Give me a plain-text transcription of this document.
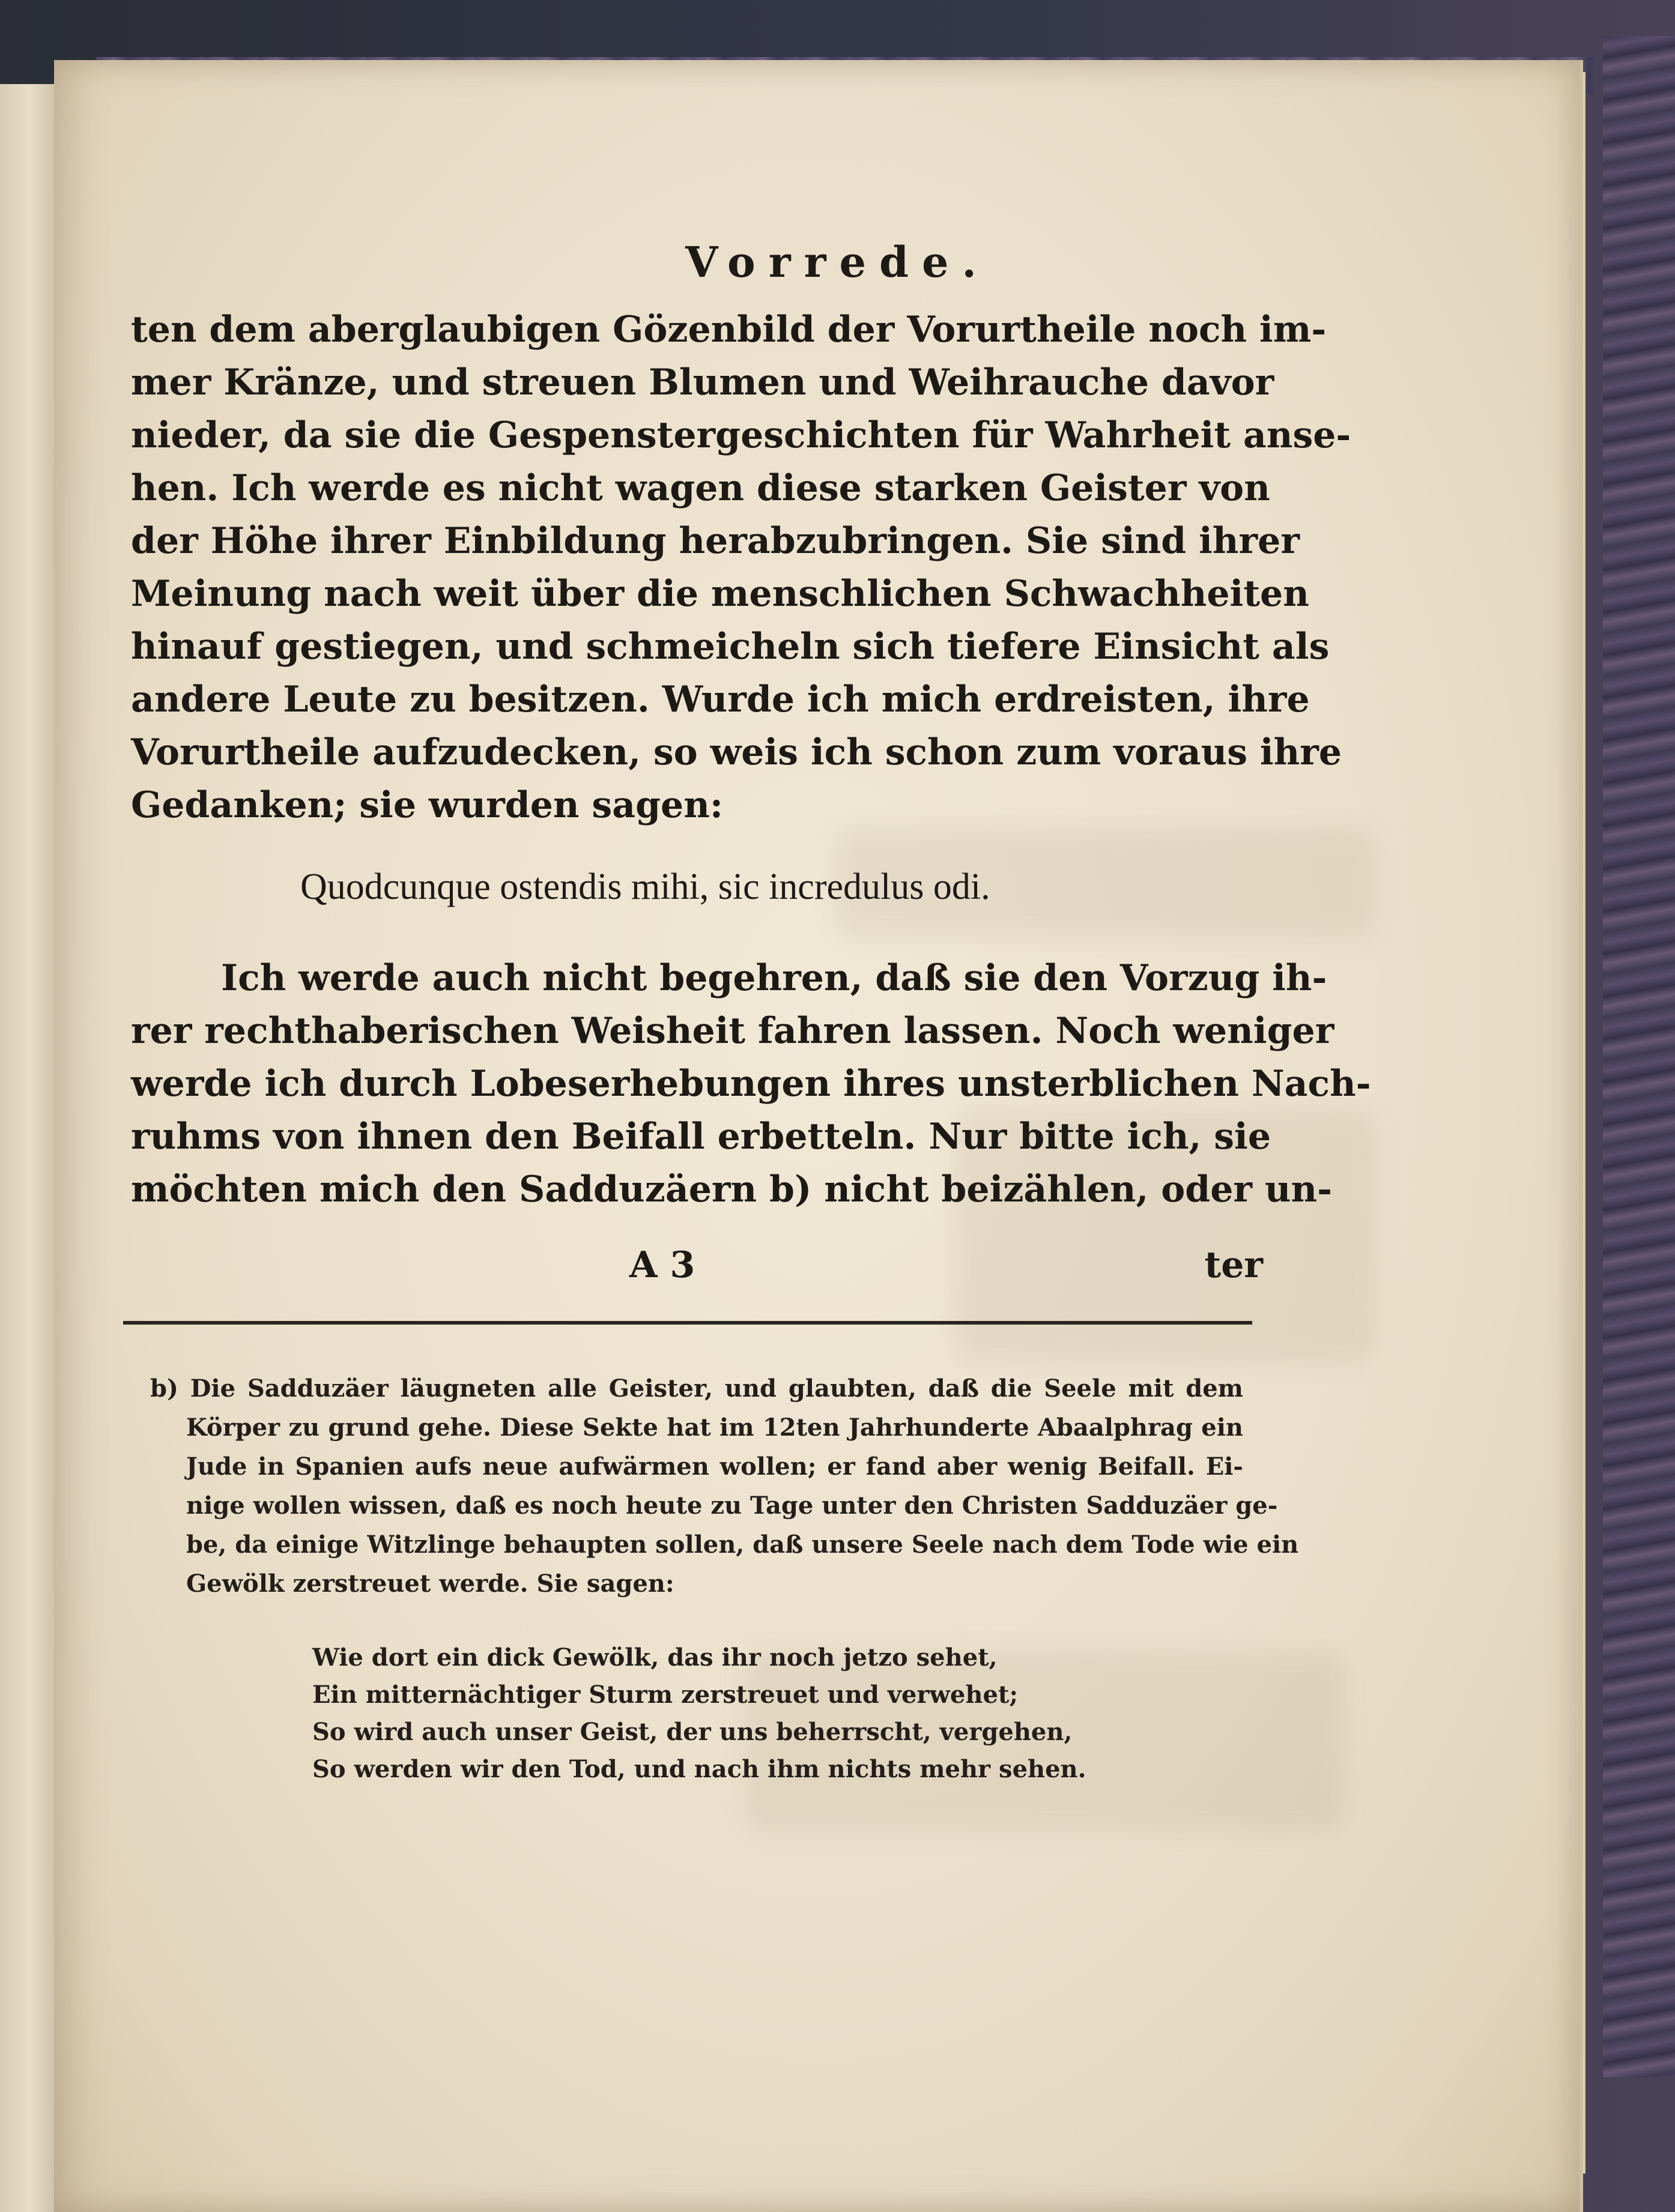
Vorrede.
ten dem aberglaubigen Gözenbild der Vorurtheile noch im-
mer Kränze, und streuen Blumen und Weihrauche davor
nieder, da sie die Gespenstergeschichten für Wahrheit anse-
hen. Ich werde es nicht wagen diese starken Geister von
der Höhe ihrer Einbildung herabzubringen. Sie sind ihrer
Meinung nach weit über die menschlichen Schwachheiten
hinauf gestiegen, und schmeicheln sich tiefere Einsicht als
andere Leute zu besitzen. Wurde ich mich erdreisten, ihre
Vorurtheile aufzudecken, so weis ich schon zum voraus ihre
Gedanken; sie wurden sagen:
Quodcunque ostendis mihi, sic incredulus odi.
Ich werde auch nicht begehren, daß sie den Vorzug ih-
rer rechthaberischen Weisheit fahren lassen. Noch weniger
werde ich durch Lobeserhebungen ihres unsterblichen Nach-
ruhms von ihnen den Beifall erbetteln. Nur bitte ich, sie
möchten mich den Sadduzäern b) nicht beizählen, oder un-
A 3	ter
b) Die Sadduzäer läugneten alle Geister, und glaubten, daß die Seele mit dem
Körper zu grund gehe. Diese Sekte hat im 12ten Jahrhunderte Abaalphrag ein
Jude in Spanien aufs neue aufwärmen wollen; er fand aber wenig Beifall. Ei-
nige wollen wissen, daß es noch heute zu Tage unter den Christen Sadduzäer ge-
be, da einige Witzlinge behaupten sollen, daß unsere Seele nach dem Tode wie ein
Gewölk zerstreuet werde. Sie sagen:
Wie dort ein dick Gewölk, das ihr noch jetzo sehet,
Ein mitternächtiger Sturm zerstreuet und verwehet;
So wird auch unser Geist, der uns beherrscht, vergehen,
So werden wir den Tod, und nach ihm nichts mehr sehen.
